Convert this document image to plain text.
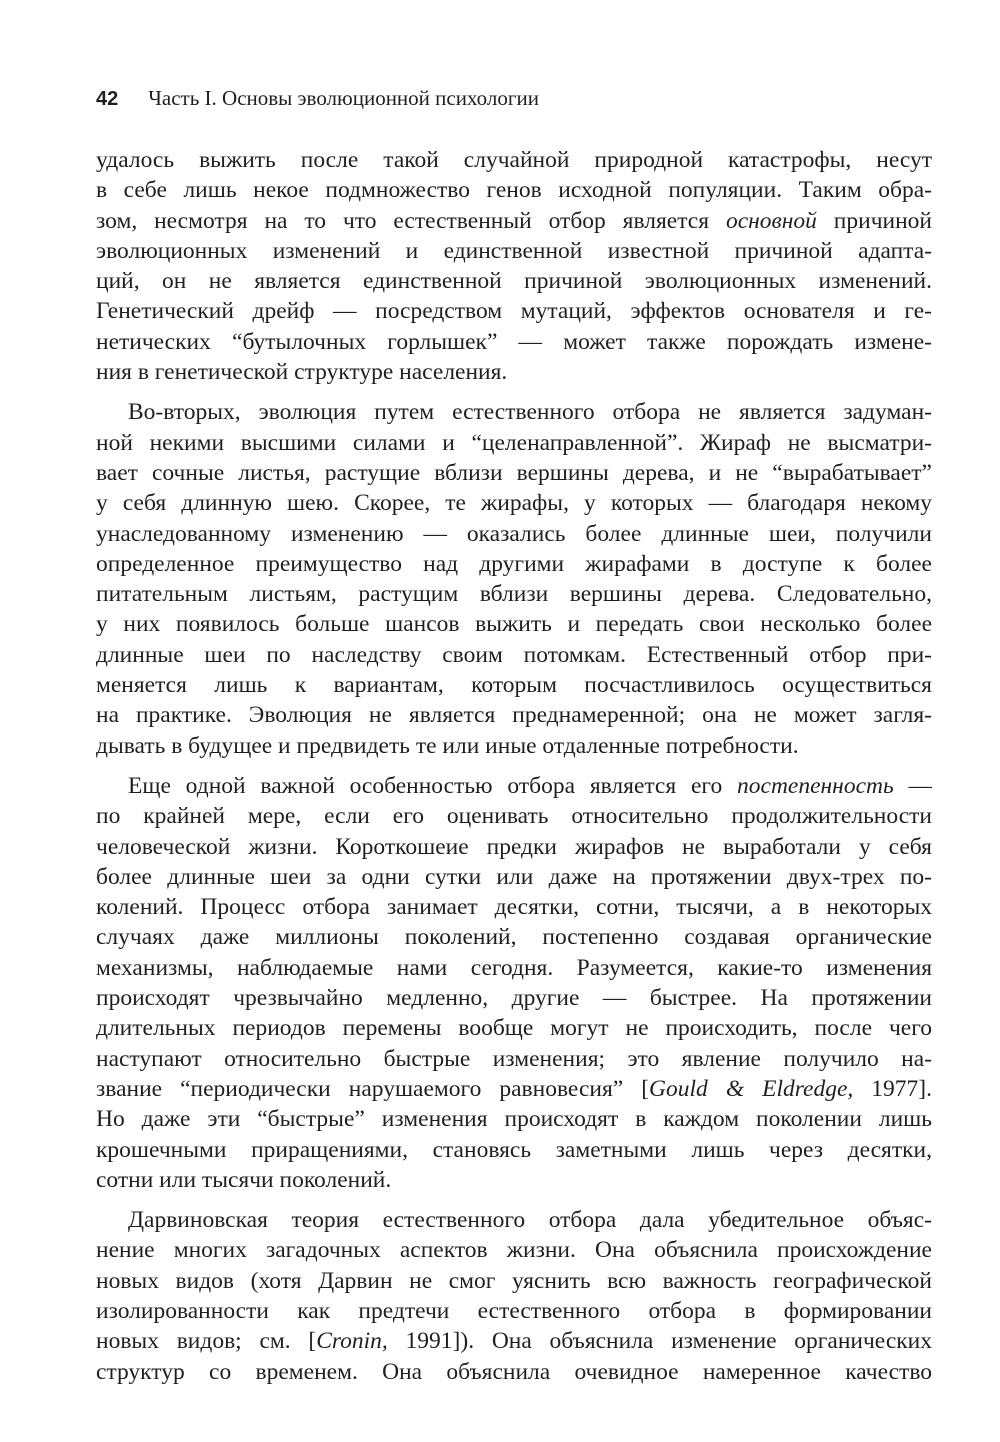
42 Часть I. Основы эволюционной психологии
удалось выжить после такой случайной природной катастрофы, несут
в себе лишь некое подмножество генов исходной популяции. Таким обра-
зом, несмотря на то что естественный отбор является основной причиной
эволюционных изменений и единственной известной причиной адапта-
ций, он не является единственной причиной эволюционных изменений.
Генетический дрейф — посредством мутаций, эффектов основателя и ге-
нетических “бутылочных горлышек” — может также порождать измене-
ния в генетической структуре населения.
Во-вторых, эволюция путем естественного отбора не является задуман-
ной некими высшими силами и “целенаправленной”. Жираф не высматри-
вает сочные листья, растущие вблизи вершины дерева, и не “вырабатывает”
у себя длинную шею. Скорее, те жирафы, у которых — благодаря некому
унаследованному изменению — оказались более длинные шеи, получили
определенное преимущество над другими жирафами в доступе к более
питательным листьям, растущим вблизи вершины дерева. Следовательно,
у них появилось больше шансов выжить и передать свои несколько более
длинные шеи по наследству своим потомкам. Естественный отбор при-
меняется лишь к вариантам, которым посчастливилось осуществиться
на практике. Эволюция не является преднамеренной; она не может загля-
дывать в будущее и предвидеть те или иные отдаленные потребности.
Еще одной важной особенностью отбора является его постепенность —
по крайней мере, если его оценивать относительно продолжительности
человеческой жизни. Короткошеие предки жирафов не выработали у себя
более длинные шеи за одни сутки или даже на протяжении двух-трех по-
колений. Процесс отбора занимает десятки, сотни, тысячи, а в некоторых
случаях даже миллионы поколений, постепенно создавая органические
механизмы, наблюдаемые нами сегодня. Разумеется, какие-то изменения
происходят чрезвычайно медленно, другие — быстрее. На протяжении
длительных периодов перемены вообще могут не происходить, после чего
наступают относительно быстрые изменения; это явление получило на-
звание “периодически нарушаемого равновесия” [Gould & Eldredge, 1977].
Но даже эти “быстрые” изменения происходят в каждом поколении лишь
крошечными приращениями, становясь заметными лишь через десятки,
сотни или тысячи поколений.
Дарвиновская теория естественного отбора дала убедительное объяс-
нение многих загадочных аспектов жизни. Она объяснила происхождение
новых видов (хотя Дарвин не смог уяснить всю важность географической
изолированности как предтечи естественного отбора в формировании
новых видов; см. [Cronin, 1991]). Она объяснила изменение органических
структур со временем. Она объяснила очевидное намеренное качество
